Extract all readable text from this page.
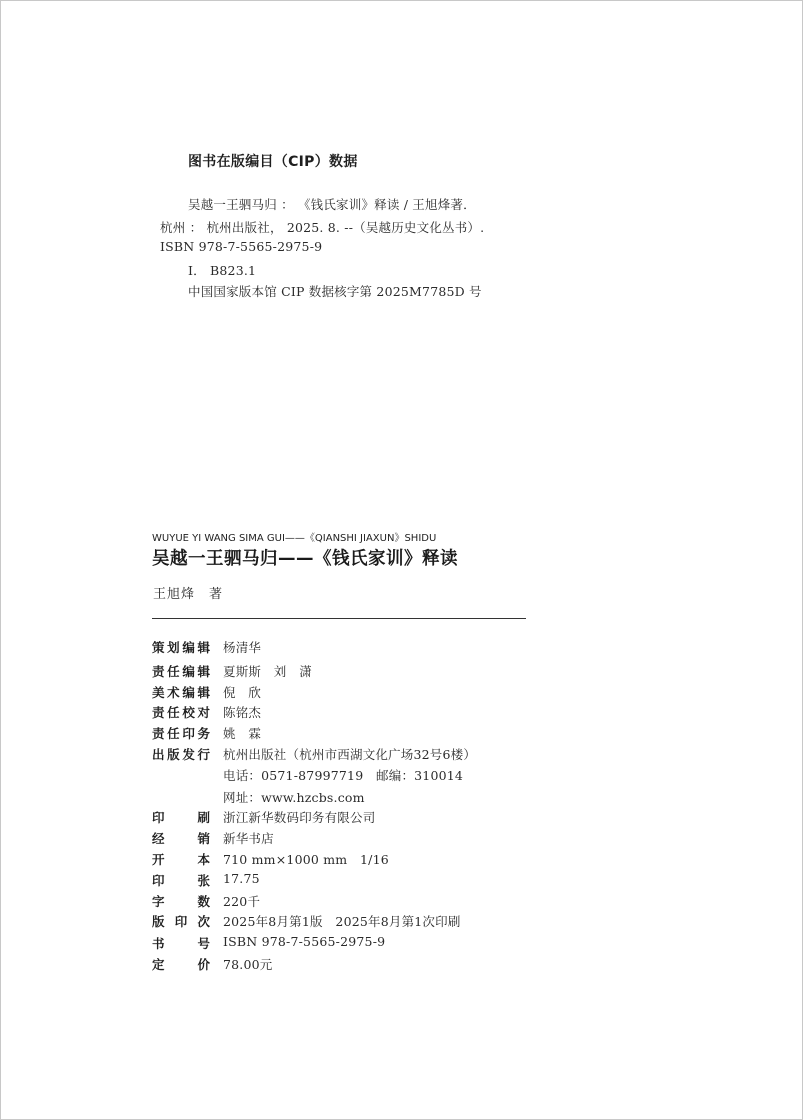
图书在版编目（CIP）数据
吴越一王驷马归 ： 《钱氏家训》释读 / 王旭烽著．
杭州 ： 杭州出版社， 2025. 8. --（吴越历史文化丛书）.
ISBN 978-7-5565-2975-9
Ⅰ． B823.1
中国国家版本馆 CIP 数据核字第 2025M7785D 号
WUYUE YI WANG SIMA GUI——《QIANSHI JIAXUN》SHIDU
吴越一王驷马归——《钱氏家训》释读
王旭烽　著
策划编辑 杨清华
责任编辑 夏斯斯　刘　潇
美术编辑 倪　欣
责任校对 陈铭杰
责任印务 姚　霖
出版发行 杭州出版社（杭州市西湖文化广场32号6楼）
电话：0571-87997719　邮编：310014
网址：www.hzcbs.com
印刷 浙江新华数码印务有限公司
经销 新华书店
开本 710 mm×1000 mm　1/16
印张 17.75
字数 220千
版印次 2025年8月第1版　2025年8月第1次印刷
书号 ISBN 978-7-5565-2975-9
定价 78.00元
